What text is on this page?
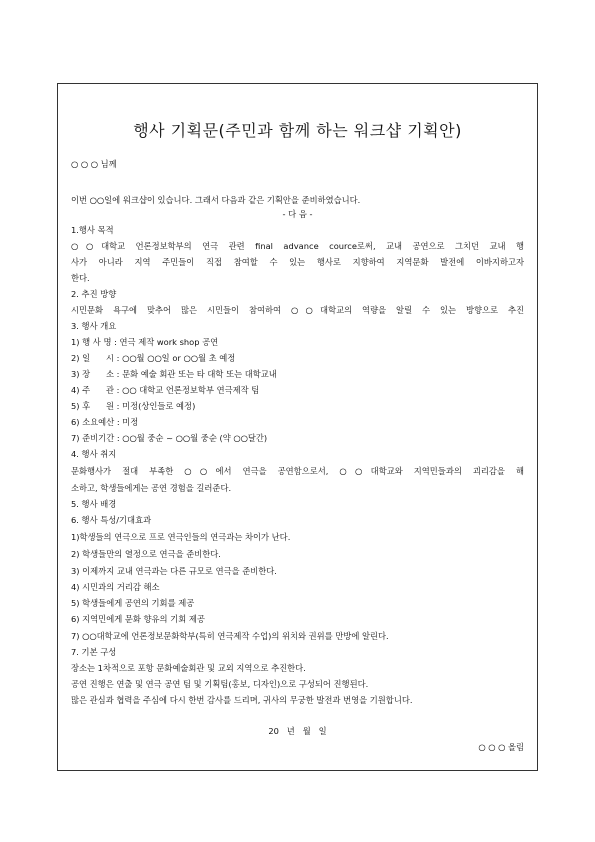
행사 기획문(주민과 함께 하는 워크샵 기획안)
○ ○ ○ 님께
이번 ○○일에 워크샵이 있습니다. 그래서 다음과 같은 기획안을 준비하였습니다.
- 다 음 -
1.행사 목적
○○대학교 언론정보학부의 연극 관련 final advance cource로써, 교내 공연으로 그치던 교내 행
사가 아니라 지역 주민들이 직접 참여할 수 있는 행사로 지향하여 지역문화 발전에 이바지하고자
한다.
2. 추진 방향
시민문화 욕구에 맞추어 많은 시민들이 참여하여 ○○대학교의 역량을 알릴 수 있는 방향으로 추진
3. 행사 개요
1) 행 사 명 : 연극 제작 work shop 공연
2) 일      시 : ○○월 ○○일 or ○○월 초 예정
3) 장      소 : 문화 예술 회관 또는 타 대학 또는 대학교내
4) 주      관 : ○○ 대학교 언론정보학부 연극제작 팀
5) 후      원 : 미정(상인들로 예정)
6) 소요예산 : 미정
7) 준비기간 : ○○월 중순 ~ ○○월 중순 (약 ○○달간)
4. 행사 취지
문화행사가 절대 부족한 ○○에서 연극을 공연함으로서, ○○대학교와 지역민들과의 괴리감을 해
소하고, 학생들에게는 공연 경험을 길러준다.
5. 행사 배경
6. 행사 특성/기대효과
1)학생들의 연극으로 프로 연극인들의 연극과는 차이가 난다.
2) 학생들만의 열정으로 연극을 준비한다.
3) 이제까지 교내 연극과는 다른 규모로 연극을 준비한다.
4) 시민과의 거리감 해소
5) 학생들에게 공연의 기회를 제공
6) 지역민에게 문화 향유의 기회 제공
7) ○○대학교에 언론정보문화학부(특히 연극제작 수업)의 위치와 권위를 만방에 알린다.
7. 기본 구성
장소는 1차적으로 포항 문화예술회관 및 교외 지역으로 추진한다.
공연 진행은 연출 및 연극 공연 팀 및 기획팀(홍보, 디자인)으로 구성되어 진행된다.
많은 관심과 협력을 주심에 다시 한번 감사를 드리며, 귀사의 무궁한 발전과 번영을 기원합니다.
20   년   월   일
○ ○ ○ 올림
